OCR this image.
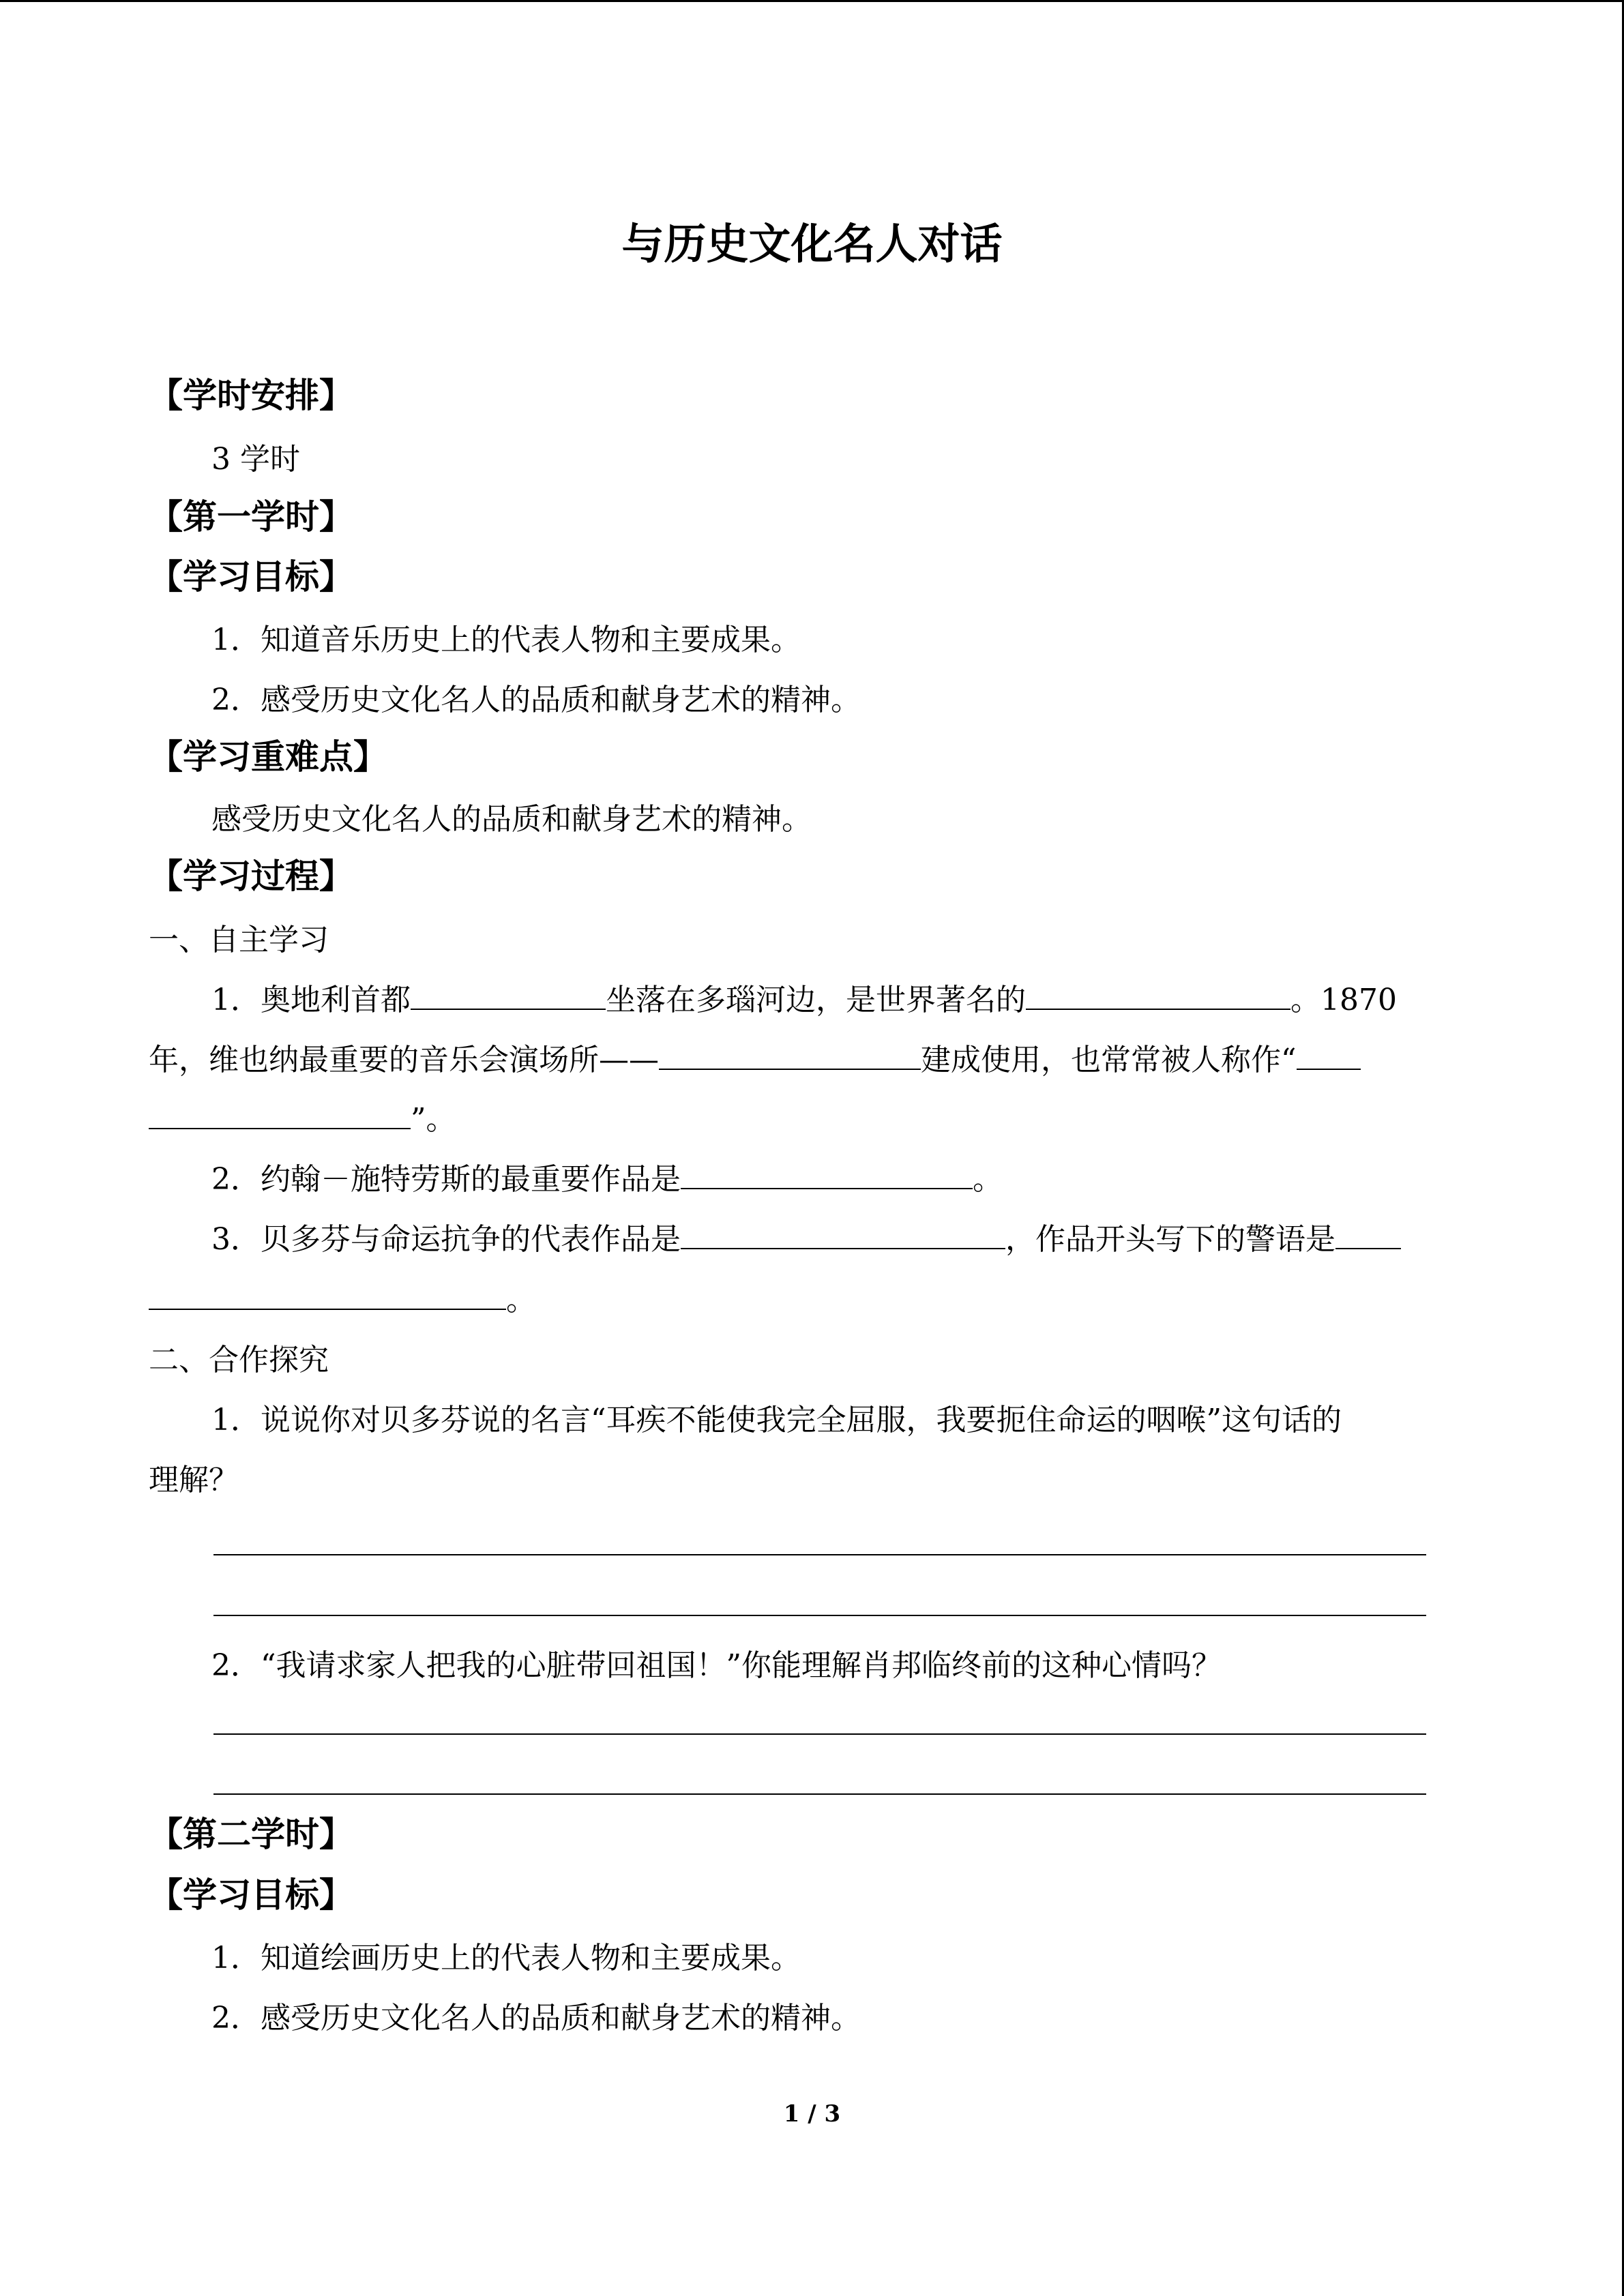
与历史文化名人对话
【学时安排】
3 学时
【第一学时】
【学习目标】
1．知道音乐历史上的代表人物和主要成果。
2．感受历史文化名人的品质和献身艺术的精神。
【学习重难点】
感受历史文化名人的品质和献身艺术的精神。
【学习过程】
一、自主学习
1．奥地利首都	坐落在多瑙河边，是世界著名的	。1870
年，维也纳最重要的音乐会演场所——	建成使用，也常常被人称作“
”。
2．约翰－施特劳斯的最重要作品是	。
3．贝多芬与命运抗争的代表作品是	，作品开头写下的警语是
。
二、合作探究
1．说说你对贝多芬说的名言“耳疾不能使我完全屈服，我要扼住命运的咽喉”这句话的
理解？
2．“我请求家人把我的心脏带回祖国！”你能理解肖邦临终前的这种心情吗？
【第二学时】
【学习目标】
1．知道绘画历史上的代表人物和主要成果。
2．感受历史文化名人的品质和献身艺术的精神。
1 / 3
